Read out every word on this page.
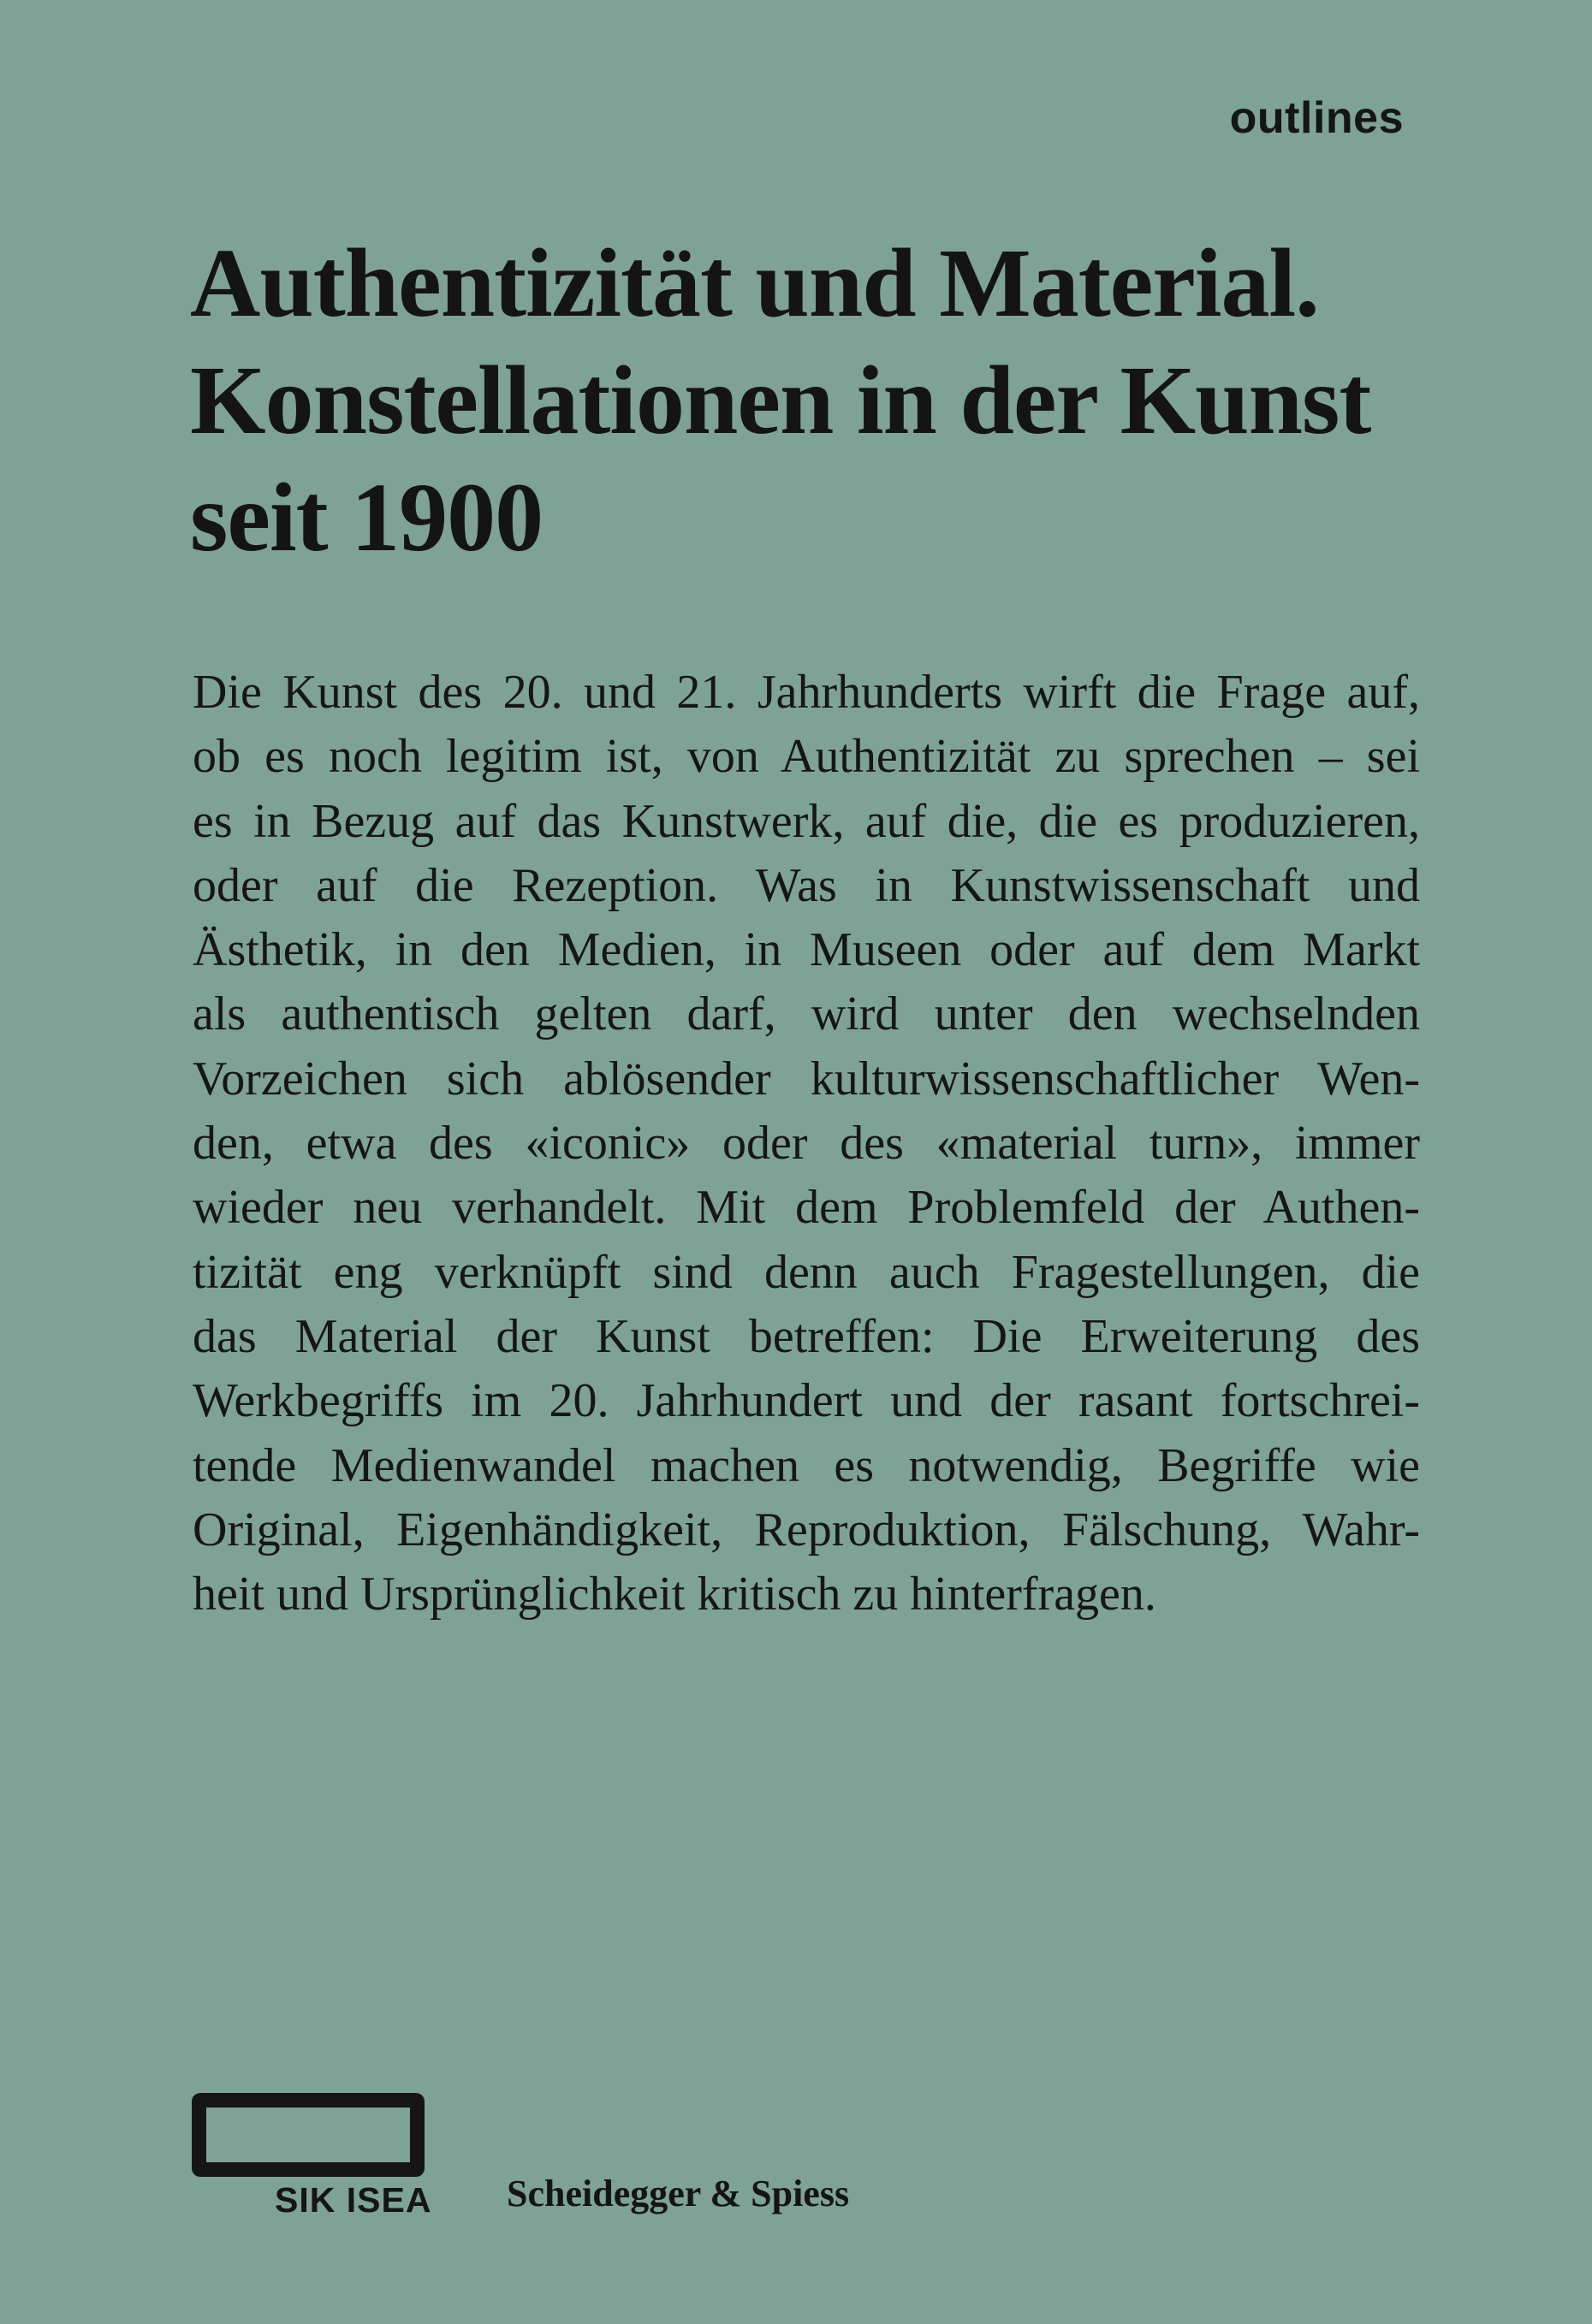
outlines
Authentizität und Material.
Konstellationen in der Kunst
seit 1900
Die Kunst des 20. und 21. Jahrhunderts wirft die Frage auf,
ob es noch legitim ist, von Authentizität zu sprechen – sei
es in Bezug auf das Kunstwerk, auf die, die es produzieren,
oder auf die Rezeption. Was in Kunstwissenschaft und
Ästhetik, in den Medien, in Museen oder auf dem Markt
als authentisch gelten darf, wird unter den wechselnden
Vorzeichen sich ablösender kulturwissenschaftlicher Wen-
den, etwa des «iconic» oder des «material turn», immer
wieder neu verhandelt. Mit dem Problemfeld der Authen-
tizität eng verknüpft sind denn auch Fragestellungen, die
das Material der Kunst betreffen: Die Erweiterung des
Werkbegriffs im 20. Jahrhundert und der rasant fortschrei-
tende Medienwandel machen es notwendig, Begriffe wie
Original, Eigenhändigkeit, Reproduktion, Fälschung, Wahr-
heit und Ursprünglichkeit kritisch zu hinterfragen.
SIK ISEA Scheidegger & Spiess
